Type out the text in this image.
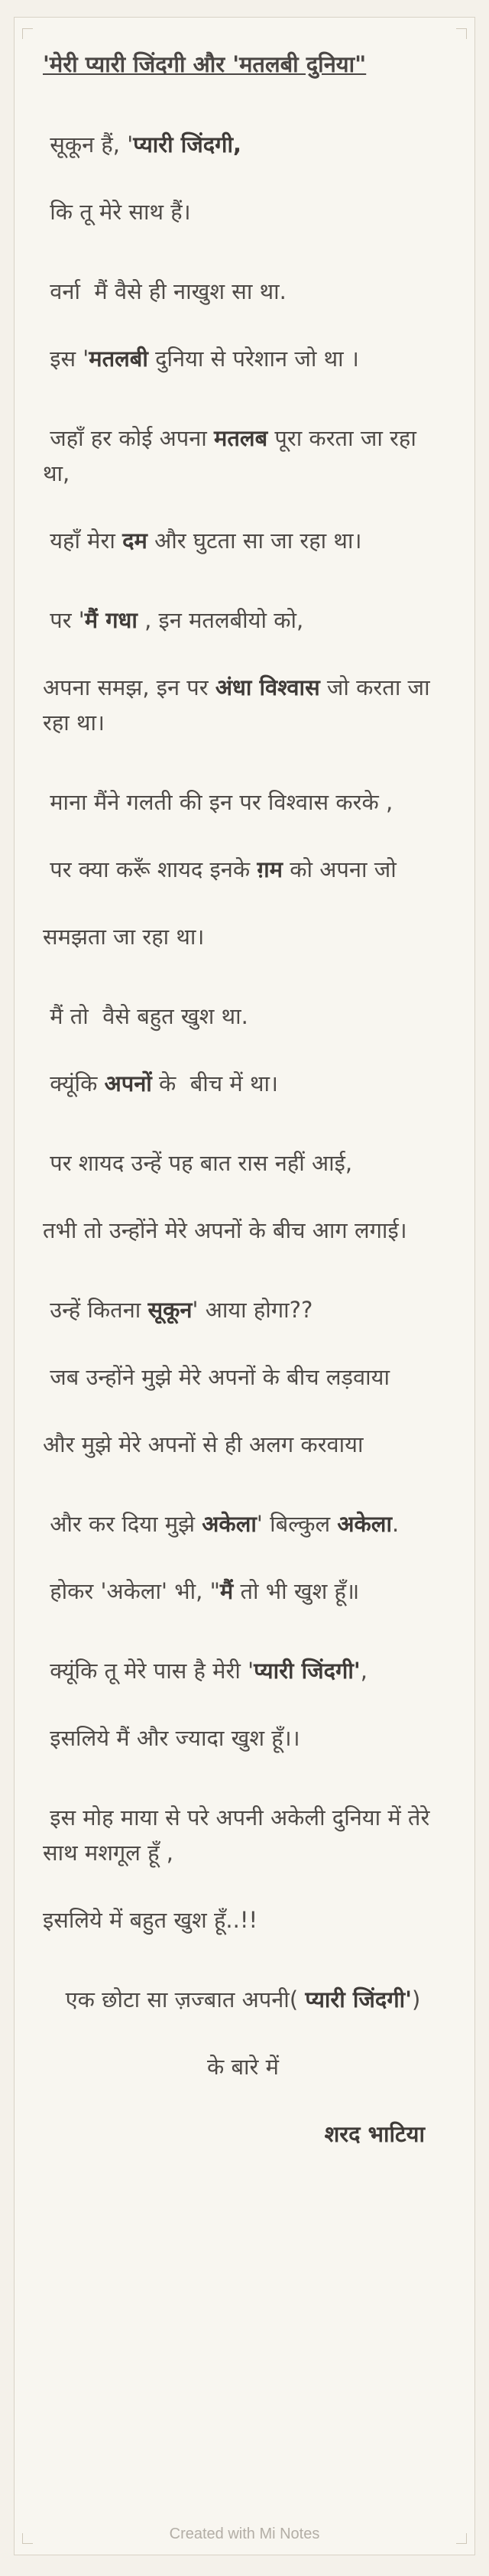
'मेरी प्यारी जिंदगी और 'मतलबी दुनिया"
सूकून हैं, 'प्यारी जिंदगी,
कि तू मेरे साथ हैं।
वर्ना  मैं वैसे ही नाखुश सा था.
इस 'मतलबी दुनिया से परेशान जो था ।
जहाँ हर कोई अपना मतलब पूरा करता जा रहा था,
यहाँ मेरा दम और घुटता सा जा रहा था।
पर 'मैं गधा , इन मतलबीयो को,
अपना समझ, इन पर अंधा विश्वास जो करता जा रहा था।
माना मैंने गलती की इन पर विश्वास करके ,
पर क्या करूँ शायद इनके ग़म को अपना जो
समझता जा रहा था।
मैं तो  वैसे बहुत खुश था.
क्यूंकि अपनों के  बीच में था।
पर शायद उन्हें पह बात रास नहीं आई,
तभी तो उन्होंने मेरे अपनों के बीच आग लगाई।
उन्हें कितना सूकून' आया होगा??
जब उन्होंने मुझे मेरे अपनों के बीच लड़वाया
और मुझे मेरे अपनों से ही अलग करवाया
और कर दिया मुझे अकेला' बिल्कुल अकेला.
होकर 'अकेला' भी, "मैं तो भी खुश हूँ॥
क्यूंकि तू मेरे पास है मेरी 'प्यारी जिंदगी',
इसलिये मैं और ज्यादा खुश हूँ।।
इस मोह माया से परे अपनी अकेली दुनिया में तेरे साथ मशगूल हूँ ,
इसलिये में बहुत खुश हूँ..!!
एक छोटा सा ज़ज्बात अपनी( प्यारी जिंदगी')
के बारे में
शरद भाटिया
Created with Mi Notes
